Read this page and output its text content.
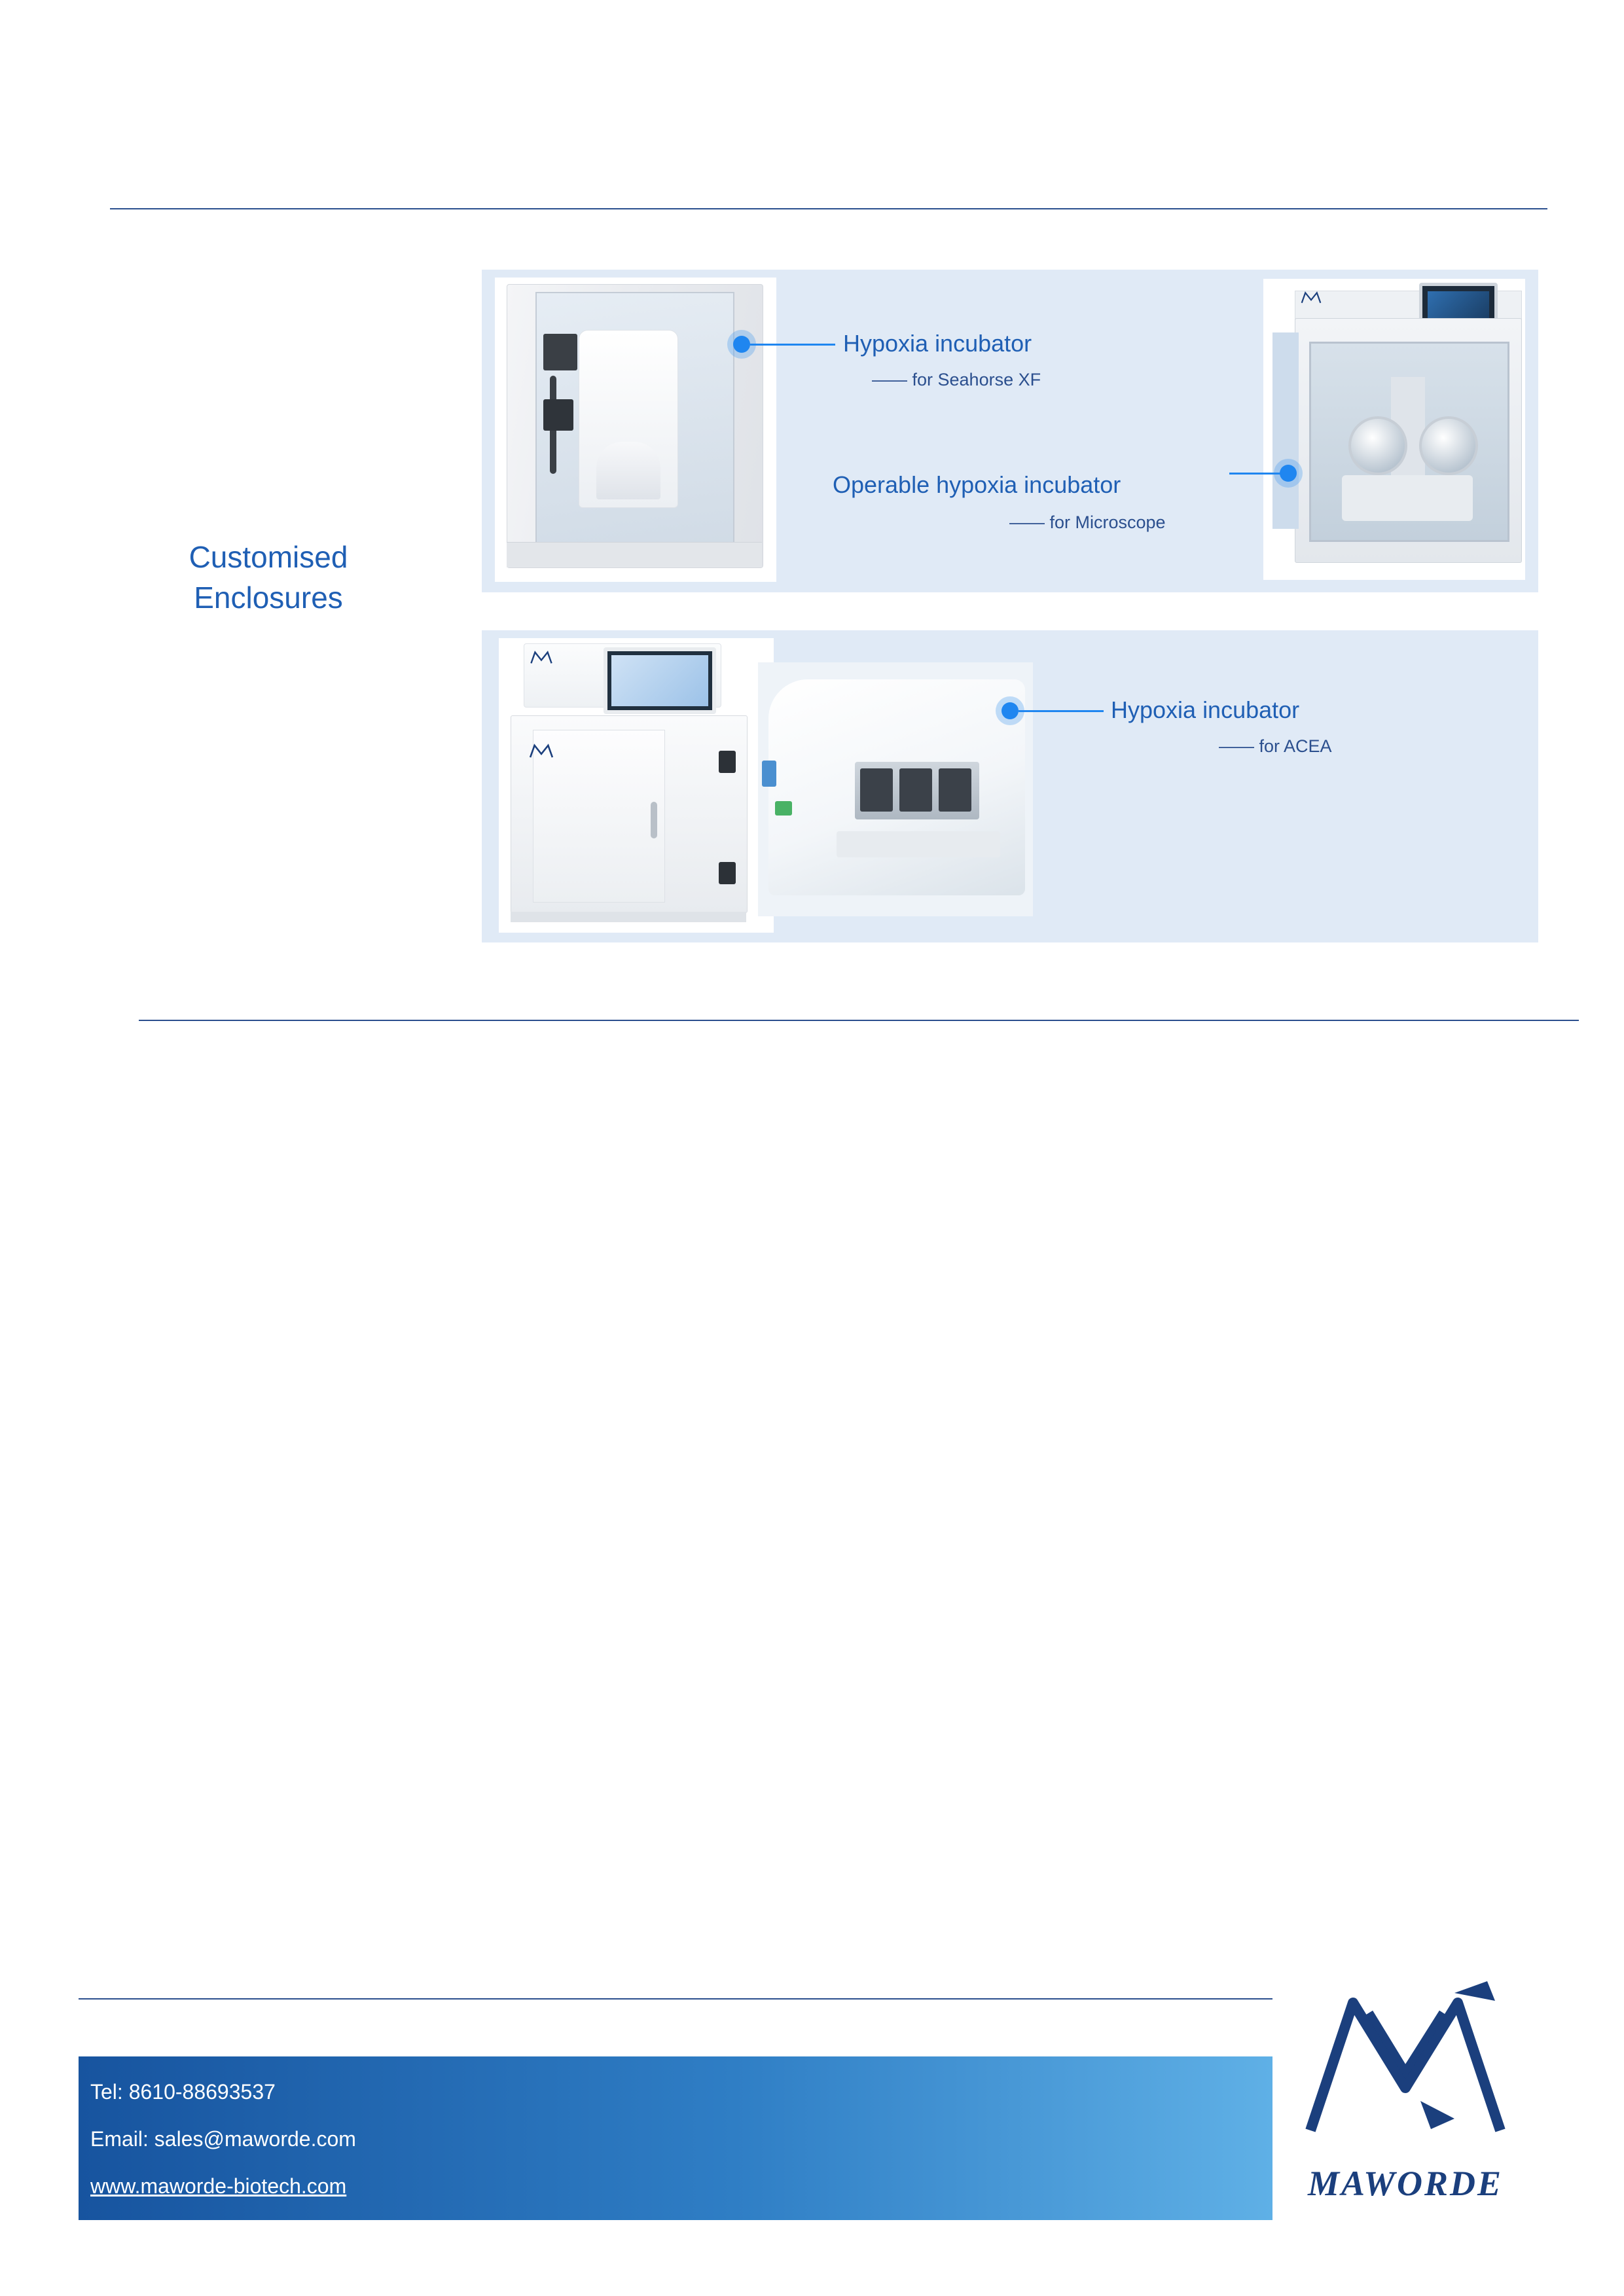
Customised
Enclosures
Hypoxia incubator
—— for Seahorse XF
Operable hypoxia incubator
—— for Microscope
Hypoxia incubator
—— for ACEA
Tel: 8610-88693537
Email: sales@maworde.com
www.maworde-biotech.com	MAWORDE
